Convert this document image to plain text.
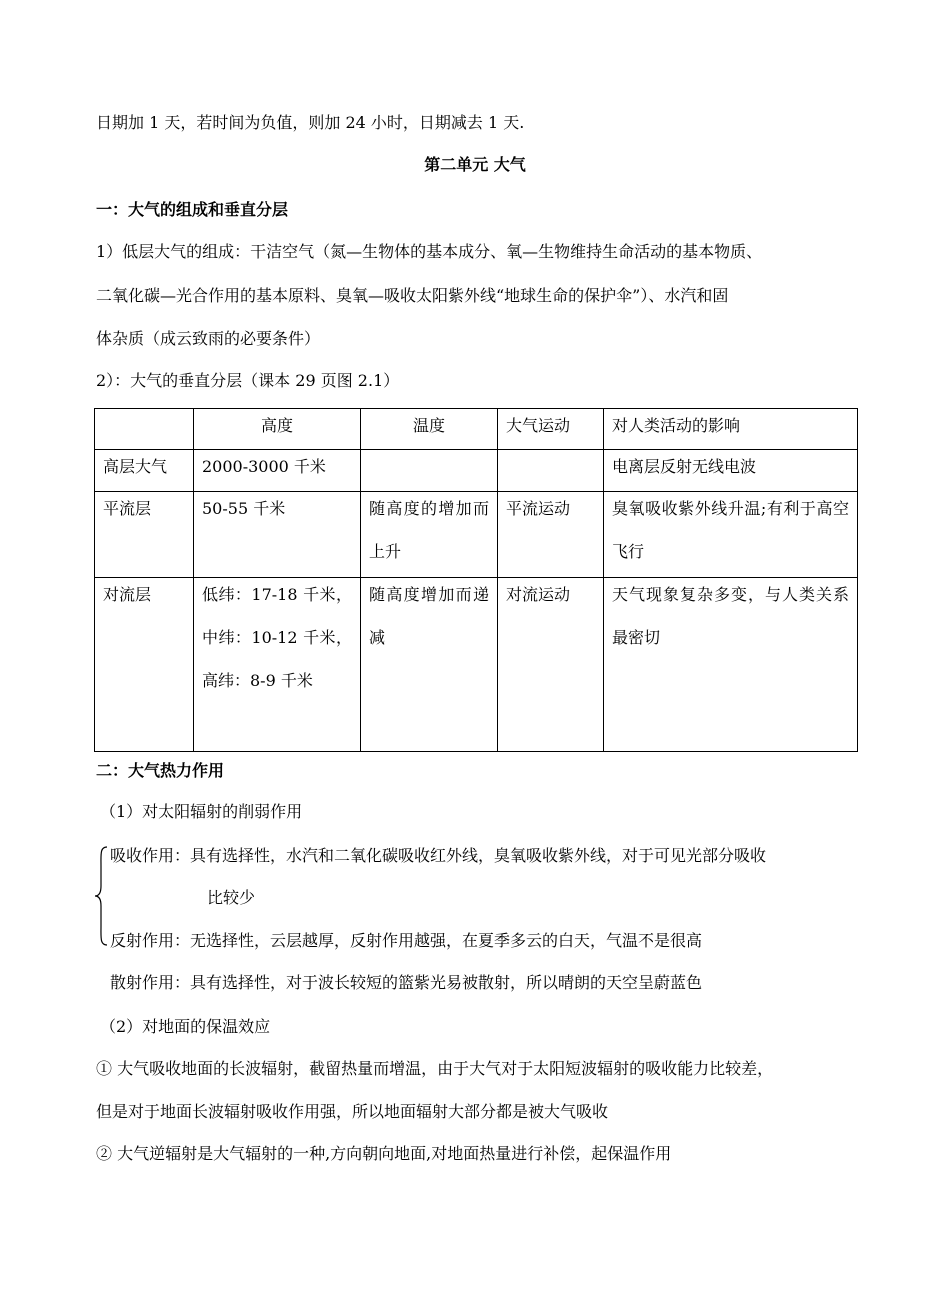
日期加 1 天，若时间为负值，则加 24 小时，日期减去 1 天.
第二单元 大气
一：大气的组成和垂直分层
1）低层大气的组成：干洁空气（氮—生物体的基本成分、氧—生物维持生命活动的基本物质、
二氧化碳—光合作用的基本原料、臭氧—吸收太阳紫外线“地球生命的保护伞”）、水汽和固
体杂质（成云致雨的必要条件）
2）：大气的垂直分层（课本 29 页图 2.1）

	高度	温度	大气运动	对人类活动的影响

高层大气	2000-3000 千米			电离层反射无线电波

平流层	50-55 千米	随高度的增加而上升	平流运动	臭氧吸收紫外线升温;有利于高空飞行

对流层	低纬：17-18 千米，中纬：10-12 千米，高纬：8-9 千米	随高度增加而递减	对流运动	天气现象复杂多变，与人类关系最密切
二：大气热力作用
（1）对太阳辐射的削弱作用
吸收作用：具有选择性，水汽和二氧化碳吸收红外线，臭氧吸收紫外线，对于可见光部分吸收
比较少
反射作用：无选择性，云层越厚，反射作用越强，在夏季多云的白天，气温不是很高
散射作用：具有选择性，对于波长较短的篮紫光易被散射，所以晴朗的天空呈蔚蓝色
（2）对地面的保温效应
① 大气吸收地面的长波辐射，截留热量而增温，由于大气对于太阳短波辐射的吸收能力比较差，
但是对于地面长波辐射吸收作用强，所以地面辐射大部分都是被大气吸收
② 大气逆辐射是大气辐射的一种,方向朝向地面,对地面热量进行补偿，起保温作用
